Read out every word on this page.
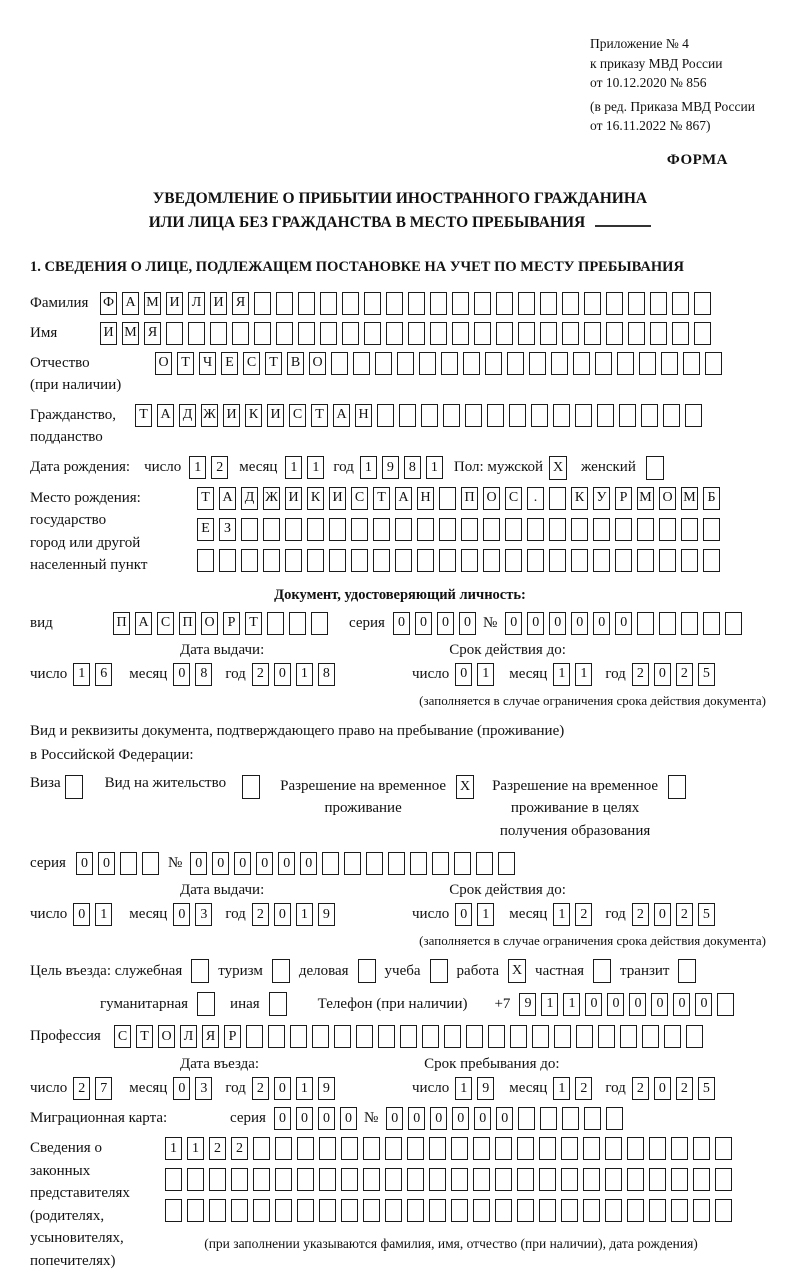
Приложение № 4
к приказу МВД России
от 10.12.2020 № 856
(в ред. Приказа МВД России
от 16.11.2022 № 867)
ФОРМА
УВЕДОМЛЕНИЕ О ПРИБЫТИИ ИНОСТРАННОГО ГРАЖДАНИНА
ИЛИ ЛИЦА БЕЗ ГРАЖДАНСТВА В МЕСТО ПРЕБЫВАНИЯ
1. СВЕДЕНИЯ О ЛИЦЕ, ПОДЛЕЖАЩЕМ ПОСТАНОВКЕ НА УЧЕТ ПО МЕСТУ ПРЕБЫВАНИЯ
Фамилия	Ф А М И Л И Я
Имя	И М Я
Отчество
(при наличии)
О Т Ч Е С Т В О
Гражданство,
подданство
Т А Д Ж И К И С Т А Н
Дата рождения: число 1	2	месяц 1	1 год 1	9	8	1	Пол: мужской X женский
Место рождения:
государство
город или другой
населенный пункт
Т А Д Ж И К И С Т А Н П О С	.	К У Р М О М Б
Е	З
Документ, удостоверяющий личность:
вид	П А С П О Р Т	серия 0	0	0	0 № 0	0	0	0	0	0
Дата выдачи:	Срок действия до:
число 1	6	месяц 0	8	год 2	0	1	8	число 0	1	месяц 1	1	год 2	0	2	5
(заполняется в случае ограничения срока действия документа)
Вид и реквизиты документа, подтверждающего право на пребывание (проживание)
в Российской Федерации:
Виза	Вид на жительство	Разрешение на временное
проживание
X Разрешение на временное
проживание в целях
получения образования
серия	0	0	№ 0	0	0	0	0	0
Дата выдачи:	Срок действия до:
число 0	1	месяц 0	3	год 2	0	1	9	число 0	1	месяц 1	2	год 2	0	2	5
(заполняется в случае ограничения срока действия документа)
Цель въезда: служебная туризм деловая учеба работа X частная транзит
гуманитарная	иная	Телефон (при наличии) +7	9	1	1	0	0	0	0	0	0
Профессия	С Т О Л Я Р
Дата въезда:	Срок пребывания до:
число 2	7	месяц 0	3	год 2	0	1	9	число 1	9	месяц 1	2	год 2	0	2	5
Миграционная карта:	серия 0	0	0	0 № 0	0	0	0	0	0
Сведения о
законных
представителях
(родителях,
усыновителях,
попечителях)
1	1	2	2
(при заполнении указываются фамилия, имя, отчество (при наличии), дата рождения)
